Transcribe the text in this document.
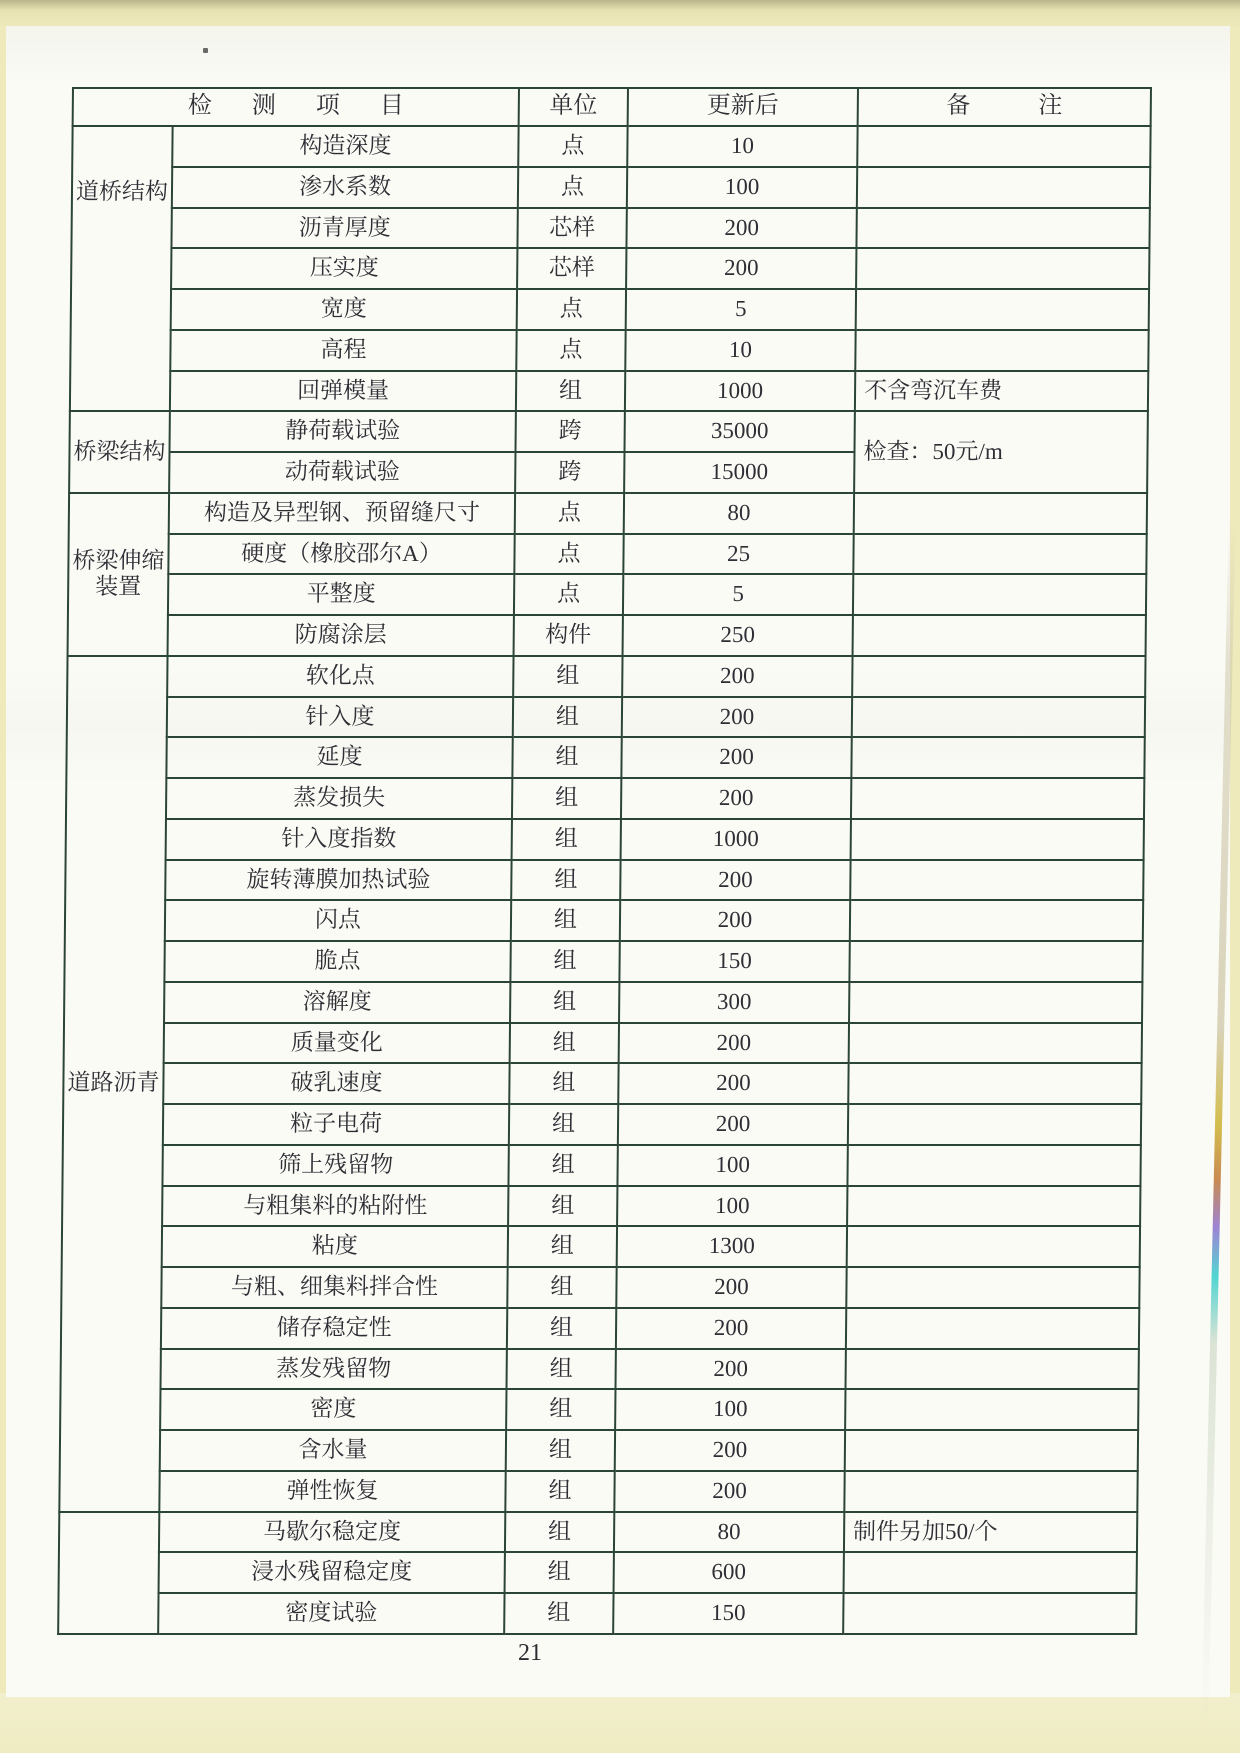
检测项目		单位	更新后	备注
道桥结构	构造深度	点	10	
	渗水系数	点	100	
	沥青厚度	芯样	200	
	压实度	芯样	200	
	宽度	点	5	
	高程	点	10	
	回弹模量	组	1000	不含弯沉车费
桥梁结构	静荷载试验	跨	35000	检查：50元/m
	动荷载试验	跨	15000	
桥梁伸缩装置	构造及异型钢、预留缝尺寸	点	80	
	硬度（橡胶邵尔A）	点	25	
	平整度	点	5	
	防腐涂层	构件	250	
道路沥青	软化点	组	200	
	针入度	组	200	
	延度	组	200	
	蒸发损失	组	200	
	针入度指数	组	1000	
	旋转薄膜加热试验	组	200	
	闪点	组	200	
	脆点	组	150	
	溶解度	组	300	
	质量变化	组	200	
	破乳速度	组	200	
	粒子电荷	组	200	
	筛上残留物	组	100	
	与粗集料的粘附性	组	100	
	粘度	组	1300	
	与粗、细集料拌合性	组	200	
	储存稳定性	组	200	
	蒸发残留物	组	200	
	密度	组	100	
	含水量	组	200	
	弹性恢复	组	200	
	马歇尔稳定度	组	80	制件另加50/个
	浸水残留稳定度	组	600	
	密度试验	组	150	
21
